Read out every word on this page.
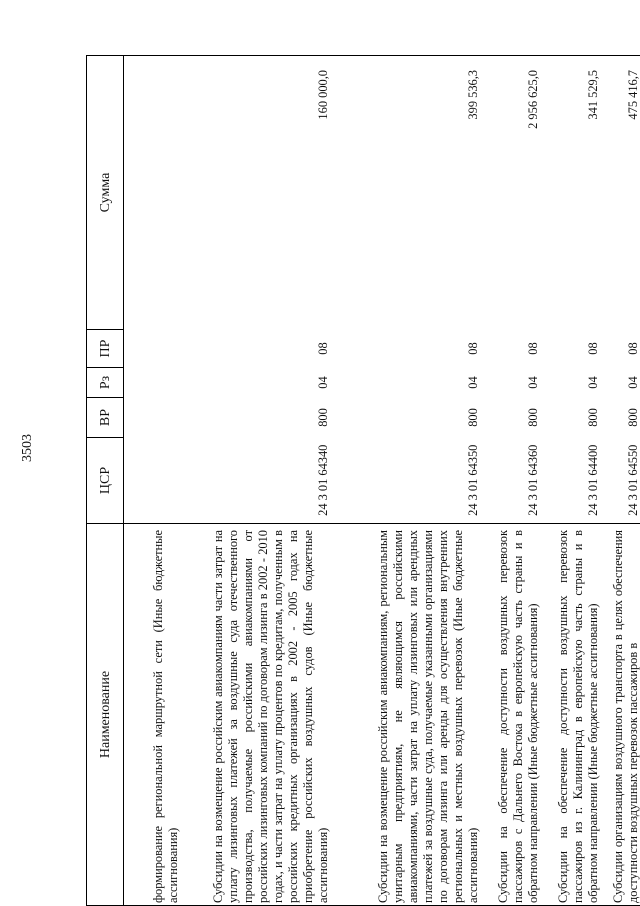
3503
Наименование	ЦСР	ВР	Рз	ПР	Сумма
формирование региональной маршрутной сети (Иные бюджетные ассигнования)					
Субсидии на возмещение российским авиакомпаниям части затрат на уплату лизинговых платежей за воздушные суда отечественного производства, получаемые российскими авиакомпаниями от российских лизинговых компаний по договорам лизинга в 2002 - 2010 годах, и части затрат на уплату процентов по кредитам, полученным в российских кредитных организациях в 2002 - 2005 годах на приобретение российских воздушных судов (Иные бюджетные ассигнования)	24 3 01 64340	800	04	08	160 000,0
Субсидии на возмещение российским авиакомпаниям, региональным унитарным предприятиям, не являющимся российскими авиакомпаниями, части затрат на уплату лизинговых или арендных платежей за воздушные суда, получаемые указанными организациями по договорам лизинга или аренды для осуществления внутренних региональных и местных воздушных перевозок (Иные бюджетные ассигнования)	24 3 01 64350	800	04	08	399 536,3
Субсидии на обеспечение доступности воздушных перевозок пассажиров с Дальнего Востока в европейскую часть страны и в обратном направлении (Иные бюджетные ассигнования)	24 3 01 64360	800	04	08	2 956 625,0
Субсидии на обеспечение доступности воздушных перевозок пассажиров из г. Калининград в европейскую часть страны и в обратном направлении (Иные бюджетные ассигнования)	24 3 01 64400	800	04	08	341 529,5
Субсидии организациям воздушного транспорта в целях обеспечения доступности воздушных перевозок пассажиров в	24 3 01 64550	800	04	08	475 416,7
